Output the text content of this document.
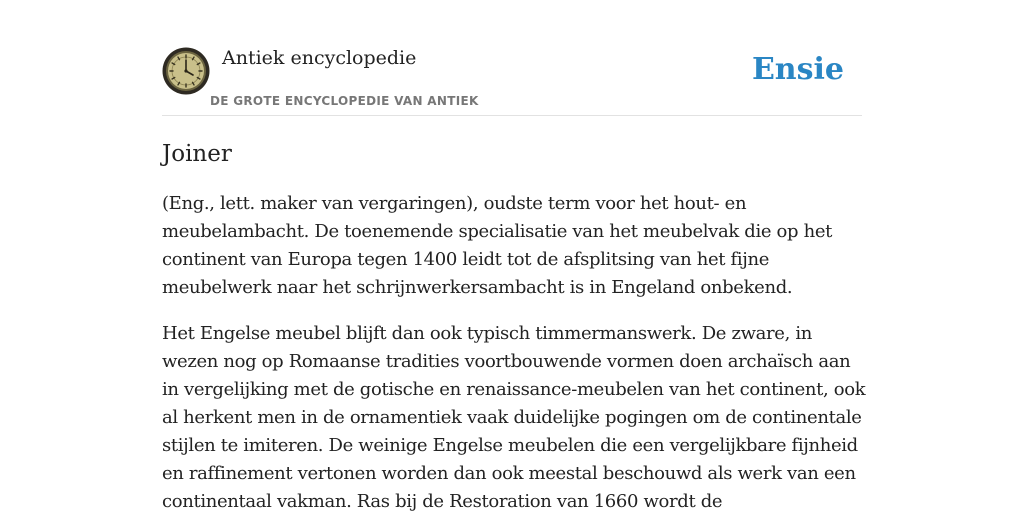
Antiek encyclopedie
DE GROTE ENCYCLOPEDIE VAN ANTIEK
Ensie
Joiner

(Eng., lett. maker van vergaringen), oudste term voor het hout- en meubelambacht. De toenemende specialisatie van het meubelvak die op het continent van Europa tegen 1400 leidt tot de afsplitsing van het fijne meubelwerk naar het schrijnwerkersambacht is in Engeland onbekend.

Het Engelse meubel blijft dan ook typisch timmermanswerk. De zware, in wezen nog op Romaanse tradities voortbouwende vormen doen archaïsch aan in vergelijking met de gotische en renaissance-meubelen van het continent, ook al herkent men in de ornamentiek vaak duidelijke pogingen om de continentale stijlen te imiteren. De weinige Engelse meubelen die een vergelijkbare fijnheid en raffinement vertonen worden dan ook meestal beschouwd als werk van een continentaal vakman. Ras bij de Restoration van 1660 wordt de
